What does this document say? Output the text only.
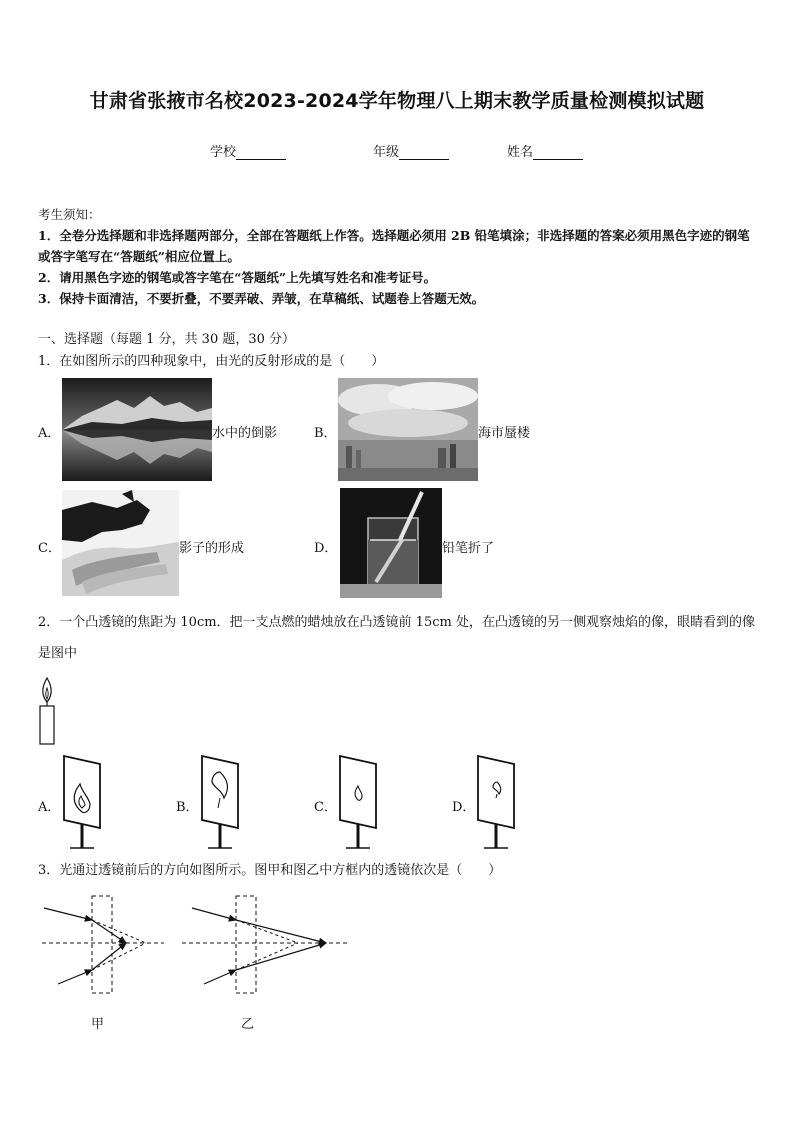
甘肃省张掖市名校2023-2024学年物理八上期末教学质量检测模拟试题
学校	年级	姓名

考生须知：

1．全卷分选择题和非选择题两部分，全部在答题纸上作答。选择题必须用 2B 铅笔填涂；非选择题的答案必须用黑色字迹的钢笔或答字笔写在“答题纸”相应位置上。

2．请用黑色字迹的钢笔或答字笔在“答题纸”上先填写姓名和准考证号。

3．保持卡面清洁，不要折叠，不要弄破、弄皱，在草稿纸、试题卷上答题无效。

一、选择题（每题 1 分，共 30 题，30 分）
1．在如图所示的四种现象中，由光的反射形成的是（　　）
A．	水中的倒影	B．	海市蜃楼
C．	影子的形成	D．	铅笔折了
2．一个凸透镜的焦距为 10cm．把一支点燃的蜡烛放在凸透镜前 15cm 处，在凸透镜的另一侧观察烛焰的像，眼睛看到的像是图中
A．	B．	C．	D．
3．光通过透镜前后的方向如图所示。图甲和图乙中方框内的透镜依次是（　　）
甲	乙
